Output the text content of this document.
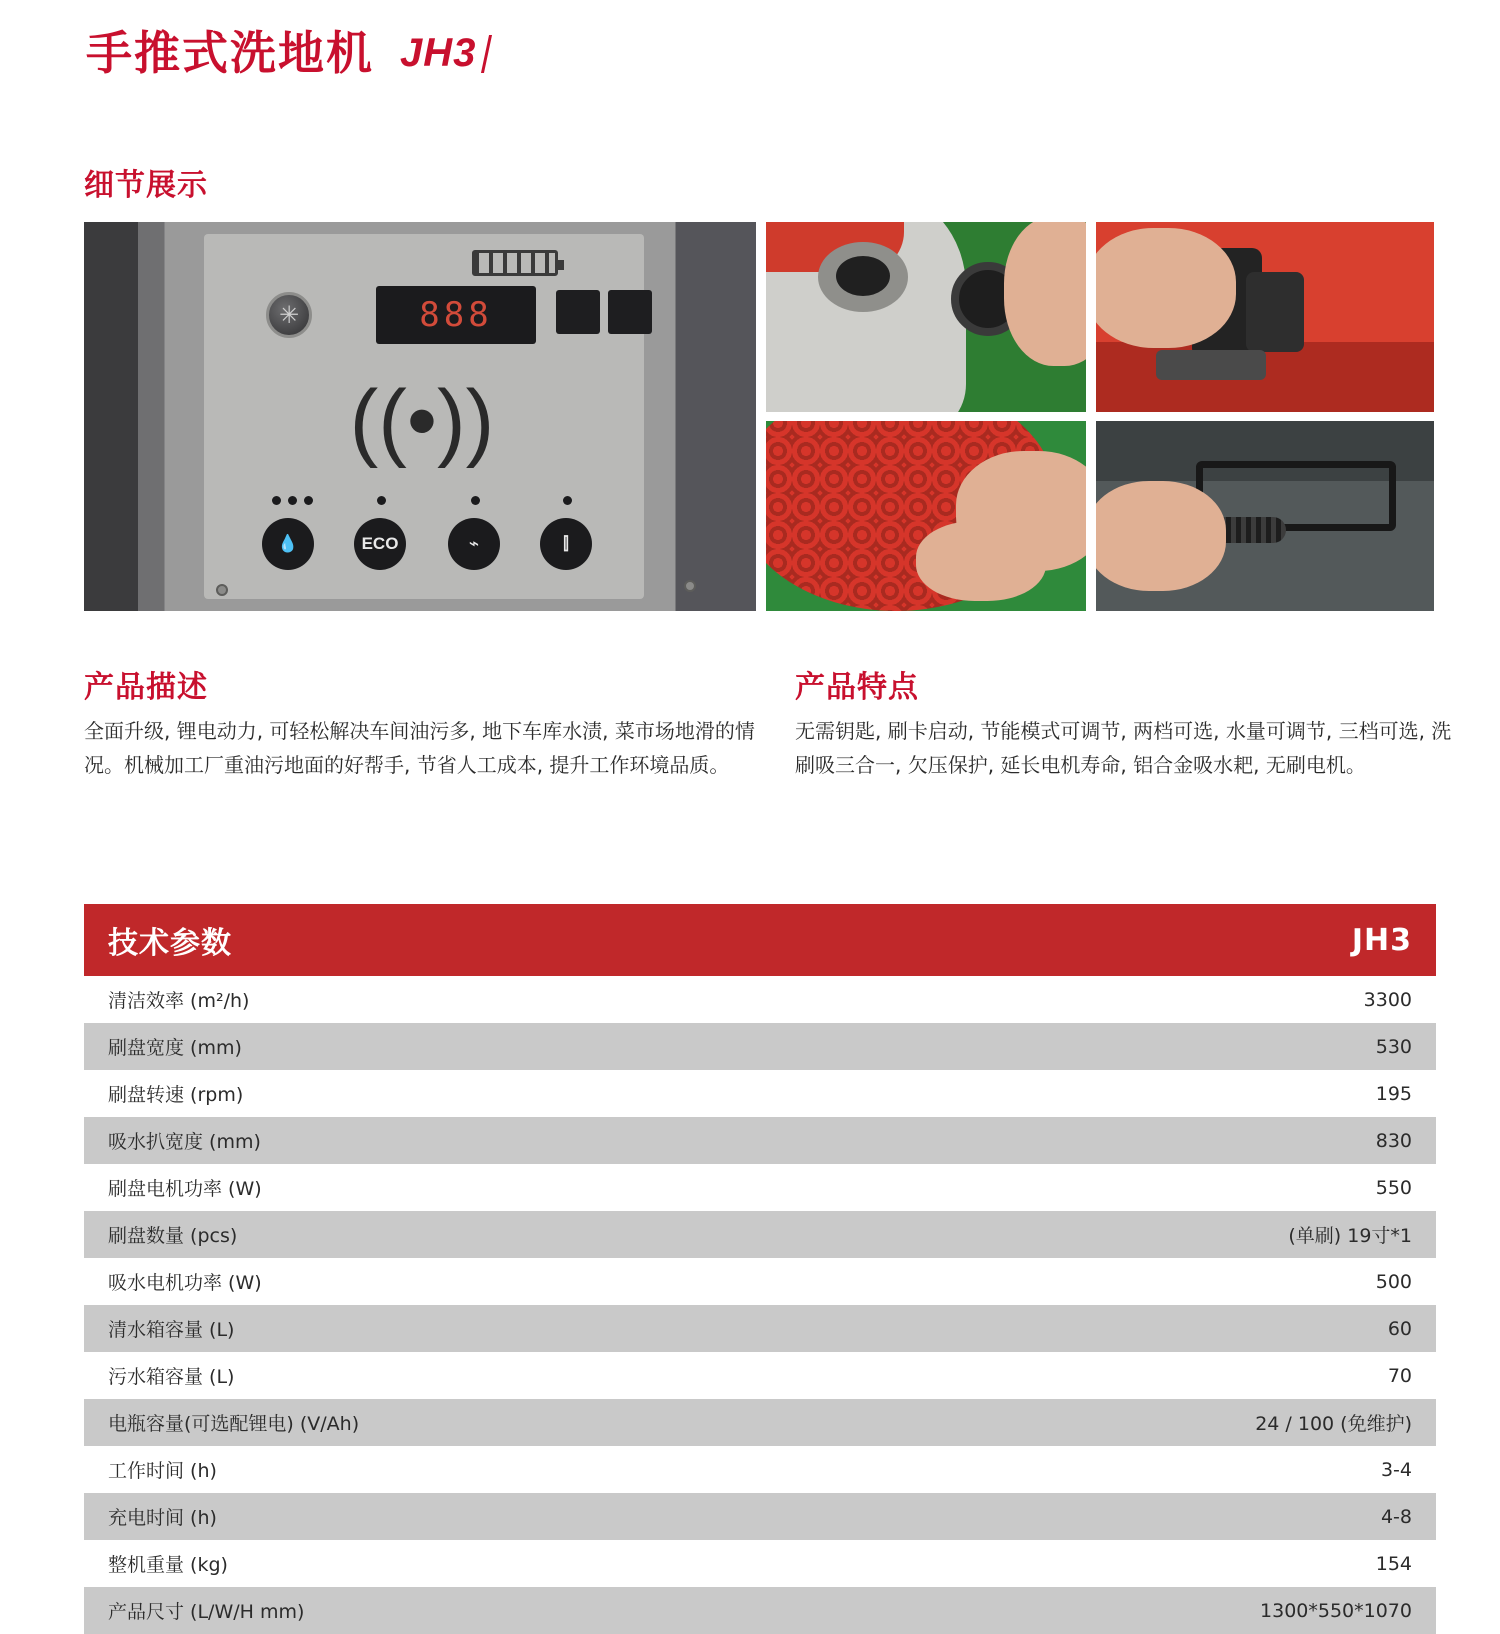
手推式洗地机 JH3
细节展示
888
✳
((•))
💧	ECO	⌁	⫿
产品描述
全面升级, 锂电动力, 可轻松解决车间油污多, 地下车库水渍, 菜市场地滑的情况。机械加工厂重油污地面的好帮手, 节省人工成本, 提升工作环境品质。
产品特点
无需钥匙, 刷卡启动, 节能模式可调节, 两档可选, 水量可调节, 三档可选, 洗刷吸三合一, 欠压保护, 延长电机寿命, 铝合金吸水耙, 无刷电机。
技术参数	JH3
清洁效率 (m²/h)	3300
刷盘宽度 (mm)	530
刷盘转速 (rpm)	195
吸水扒宽度 (mm)	830
刷盘电机功率 (W)	550
刷盘数量 (pcs)	(单刷) 19寸*1
吸水电机功率 (W)	500
清水箱容量 (L)	60
污水箱容量 (L)	70
电瓶容量(可选配锂电) (V/Ah)	24 / 100 (免维护)
工作时间 (h)	3-4
充电时间 (h)	4-8
整机重量 (kg)	154
产品尺寸 (L/W/H mm)	1300*550*1070
